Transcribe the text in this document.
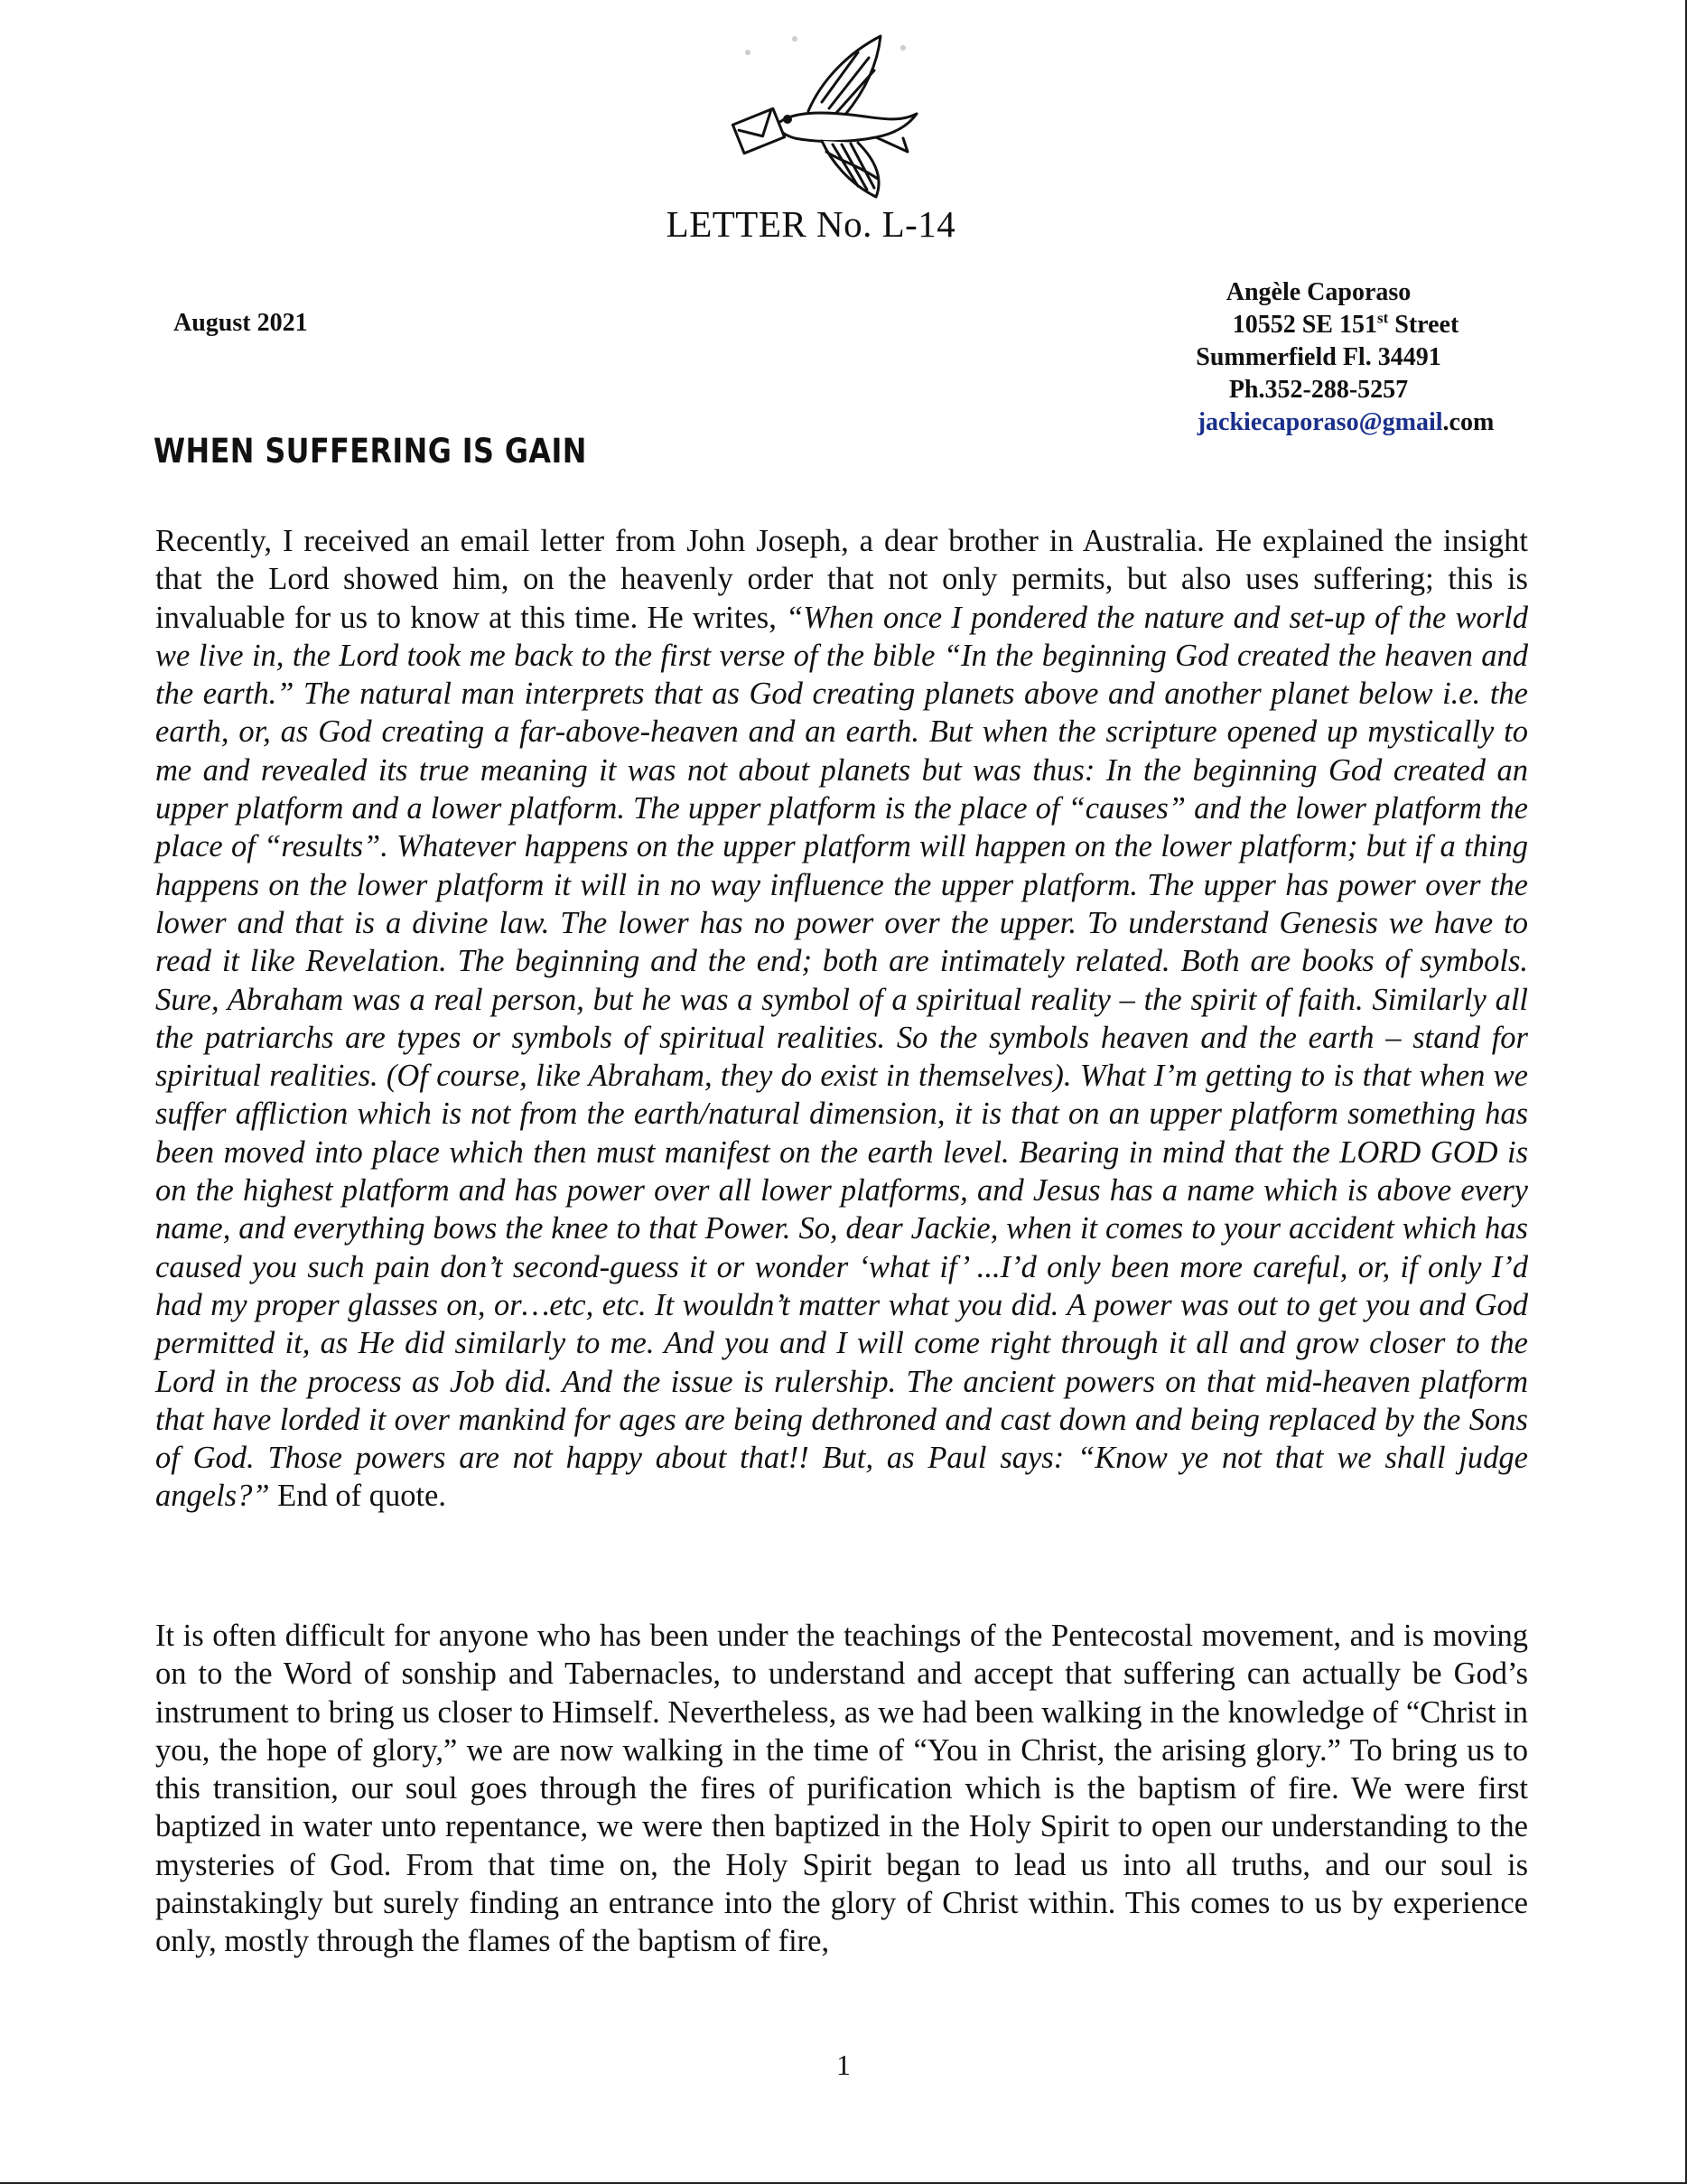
LETTER No. L-14
August 2021
Angèle Caporaso
10552 SE 151st Street
Summerfield Fl. 34491
Ph.352-288-5257
jackiecaporaso@gmail.com
WHEN SUFFERING IS GAIN

Recently, I received an email letter from John Joseph, a dear brother in Australia. He explained the insight that the Lord showed him, on the heavenly order that not only permits, but also uses suffering; this is invaluable for us to know at this time. He writes, “When once I pondered the nature and set-up of the world we live in, the Lord took me back to the first verse of the bible “In the beginning God created the heaven and the earth.” The natural man interprets that as God creating planets above and another planet below i.e. the earth, or, as God creating a far-above-heaven and an earth. But when the scripture opened up mystically to me and revealed its true meaning it was not about planets but was thus: In the beginning God created an upper platform and a lower platform. The upper platform is the place of “causes” and the lower platform the place of “results”. Whatever happens on the upper platform will happen on the lower platform; but if a thing happens on the lower platform it will in no way influence the upper platform. The upper has power over the lower and that is a divine law. The lower has no power over the upper. To understand Genesis we have to read it like Revelation. The beginning and the end; both are intimately related. Both are books of symbols. Sure, Abraham was a real person, but he was a symbol of a spiritual reality – the spirit of faith. Similarly all the patriarchs are types or symbols of spiritual realities. So the symbols heaven and the earth – stand for spiritual realities. (Of course, like Abraham, they do exist in themselves). What I’m getting to is that when we suffer affliction which is not from the earth/natural dimension, it is that on an upper platform something has been moved into place which then must manifest on the earth level. Bearing in mind that the LORD GOD is on the highest platform and has power over all lower platforms, and Jesus has a name which is above every name, and everything bows the knee to that Power. So, dear Jackie, when it comes to your accident which has caused you such pain don’t second-guess it or wonder ‘what if’ ...I’d only been more careful, or, if only I’d had my proper glasses on, or…etc, etc. It wouldn’t matter what you did. A power was out to get you and God permitted it, as He did similarly to me. And you and I will come right through it all and grow closer to the Lord in the process as Job did. And the issue is rulership. The ancient powers on that mid-heaven platform that have lorded it over mankind for ages are being dethroned and cast down and being replaced by the Sons of God. Those powers are not happy about that!! But, as Paul says: “Know ye not that we shall judge angels?” End of quote.

It is often difficult for anyone who has been under the teachings of the Pentecostal movement, and is moving on to the Word of sonship and Tabernacles, to understand and accept that suffering can actually be God’s instrument to bring us closer to Himself. Nevertheless, as we had been walking in the knowledge of “Christ in you, the hope of glory,” we are now walking in the time of “You in Christ, the arising glory.” To bring us to this transition, our soul goes through the fires of purification which is the baptism of fire. We were first baptized in water unto repentance, we were then baptized in the Holy Spirit to open our understanding to the mysteries of God. From that time on, the Holy Spirit began to lead us into all truths, and our soul is painstakingly but surely finding an entrance into the glory of Christ within. This comes to us by experience only, mostly through the flames of the baptism of fire,

1
